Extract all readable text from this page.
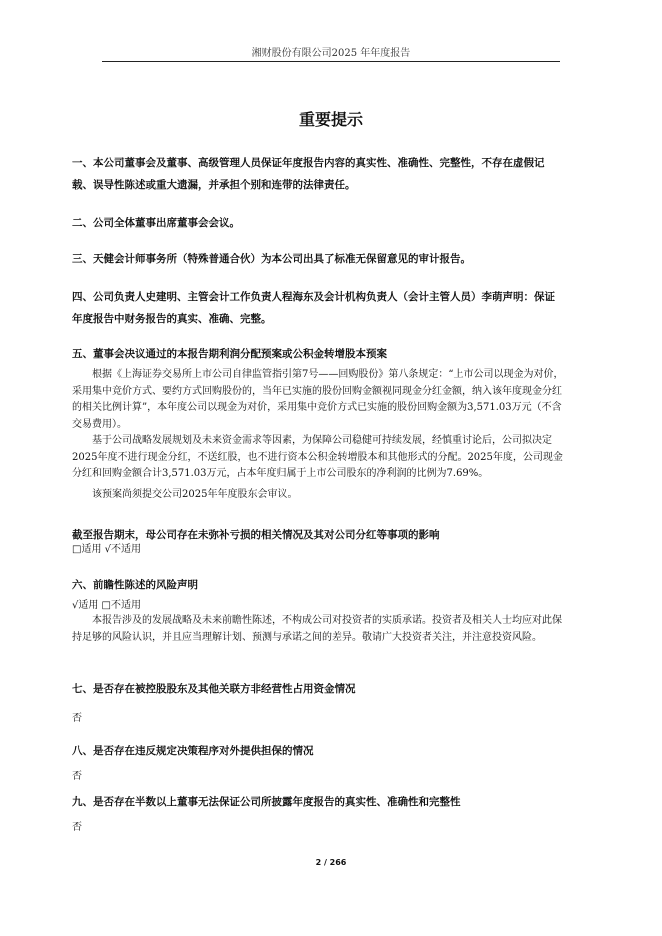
湘财股份有限公司2025 年年度报告
重要提示
一、本公司董事会及董事、高级管理人员保证年度报告内容的真实性、准确性、完整性，不存在虚假记载、误导性陈述或重大遗漏，并承担个别和连带的法律责任。
二、公司全体董事出席董事会会议。
三、天健会计师事务所（特殊普通合伙）为本公司出具了标准无保留意见的审计报告。
四、公司负责人史建明、主管会计工作负责人程海东及会计机构负责人（会计主管人员）李萌声明：保证年度报告中财务报告的真实、准确、完整。
五、董事会决议通过的本报告期利润分配预案或公积金转增股本预案
根据《上海证券交易所上市公司自律监管指引第7号——回购股份》第八条规定：“上市公司以现金为对价，采用集中竞价方式、要约方式回购股份的，当年已实施的股份回购金额视同现金分红金额，纳入该年度现金分红的相关比例计算”，本年度公司以现金为对价，采用集中竞价方式已实施的股份回购金额为3,571.03万元（不含交易费用）。
基于公司战略发展规划及未来资金需求等因素，为保障公司稳健可持续发展，经慎重讨论后，公司拟决定2025年度不进行现金分红，不送红股，也不进行资本公积金转增股本和其他形式的分配。2025年度，公司现金分红和回购金额合计3,571.03万元，占本年度归属于上市公司股东的净利润的比例为7.69%。
该预案尚须提交公司2025年年度股东会审议。
截至报告期末，母公司存在未弥补亏损的相关情况及其对公司分红等事项的影响
□适用 √不适用
六、前瞻性陈述的风险声明
√适用 □不适用
本报告涉及的发展战略及未来前瞻性陈述，不构成公司对投资者的实质承诺。投资者及相关人士均应对此保持足够的风险认识，并且应当理解计划、预测与承诺之间的差异。敬请广大投资者关注，并注意投资风险。
七、是否存在被控股股东及其他关联方非经营性占用资金情况
否
八、是否存在违反规定决策程序对外提供担保的情况
否
九、是否存在半数以上董事无法保证公司所披露年度报告的真实性、准确性和完整性
否
2 / 266
